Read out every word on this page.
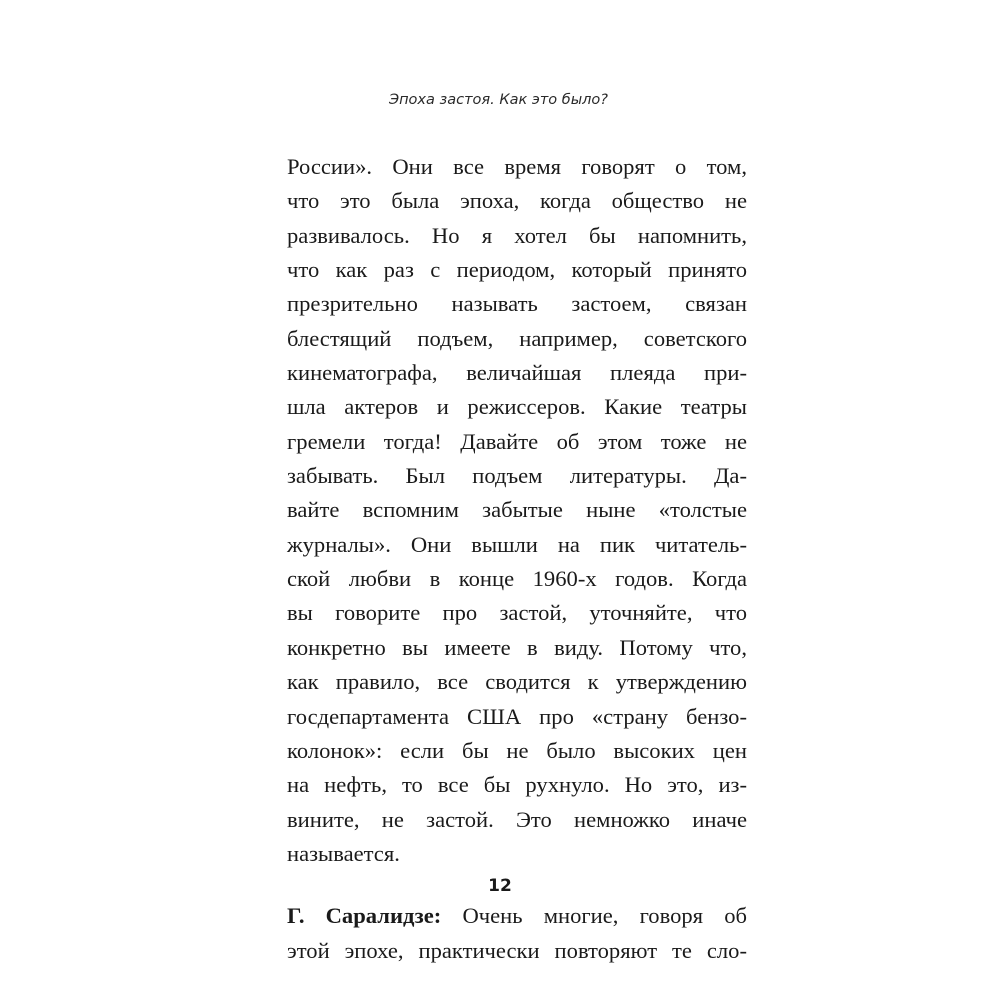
Эпоха застоя. Как это было?
России». Они все время говорят о том,
что это была эпоха, когда общество не
развивалось. Но я хотел бы напомнить,
что как раз с периодом, который принято
презрительно называть застоем, связан
блестящий подъем, например, советского
кинематографа, величайшая плеяда при-
шла актеров и режиссеров. Какие театры
гремели тогда! Давайте об этом тоже не
забывать. Был подъем литературы. Да-
вайте вспомним забытые ныне «толстые
журналы». Они вышли на пик читатель-
ской любви в конце 1960-х годов. Когда
вы говорите про застой, уточняйте, что
конкретно вы имеете в виду. Потому что,
как правило, все сводится к утверждению
госдепартамента США про «страну бензо-
колонок»: если бы не было высоких цен
на нефть, то все бы рухнуло. Но это, из-
вините, не застой. Это немножко иначе
называется.
Г. Саралидзе: Очень многие, говоря об
этой эпохе, практически повторяют те сло-
12
